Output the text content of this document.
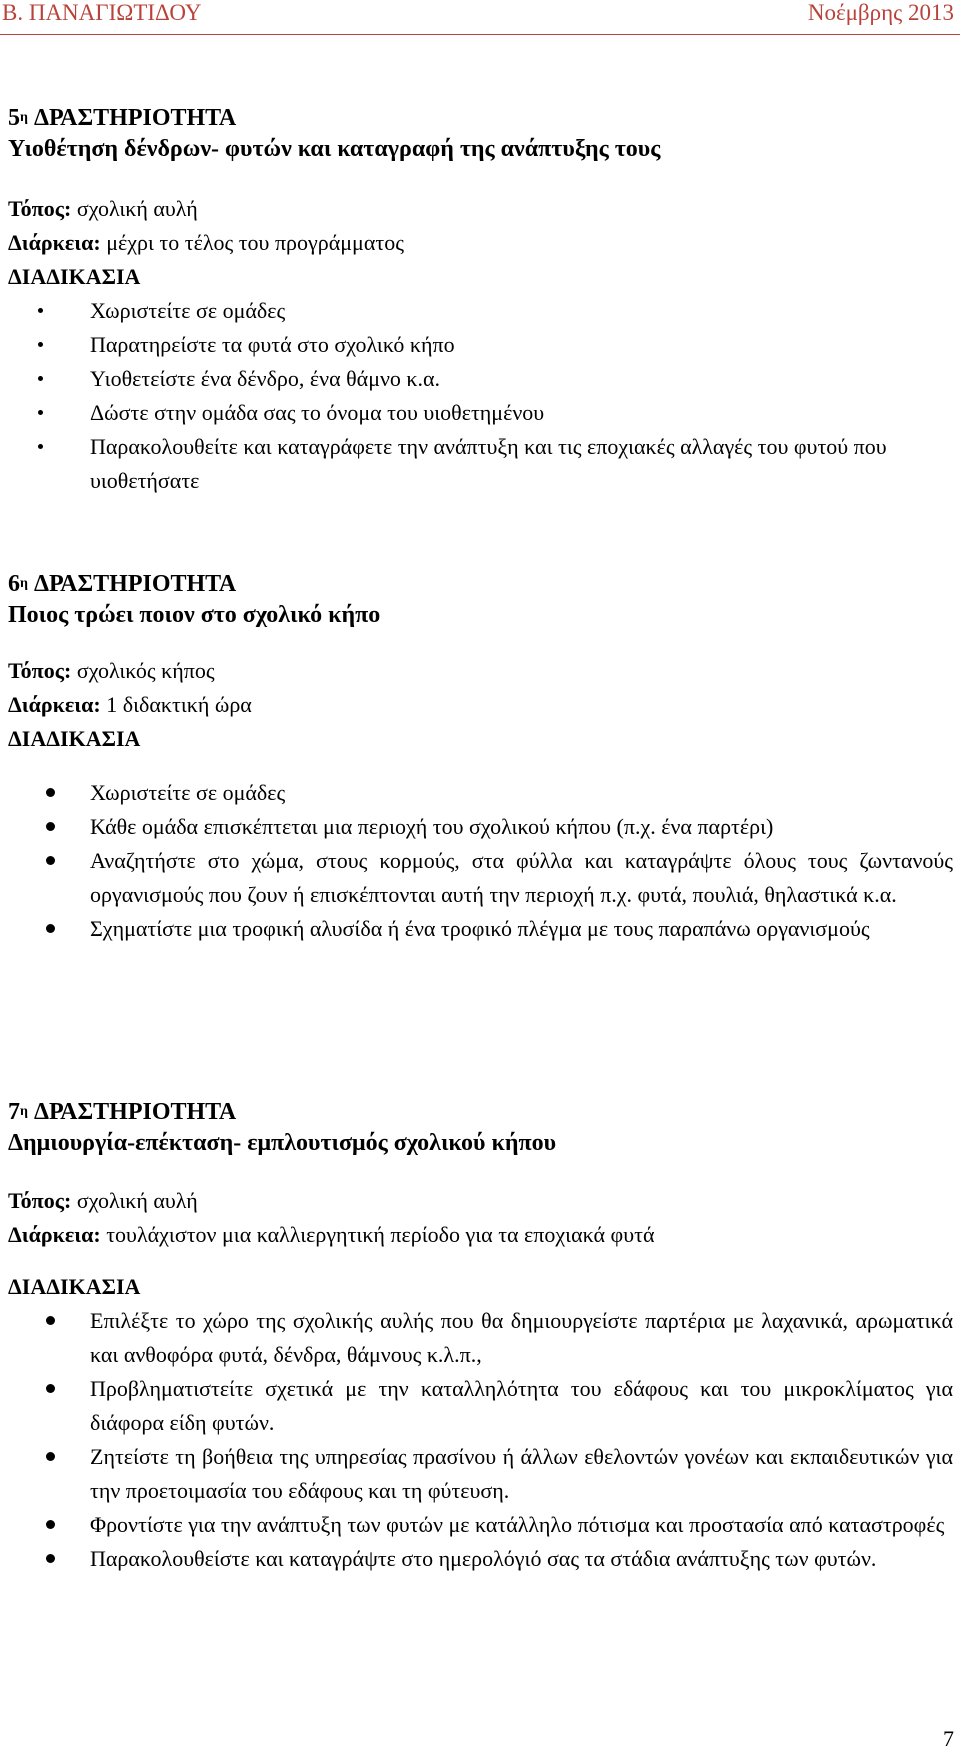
Β. ΠΑΝΑΓΙΩΤΙΔΟΥ	Νοέμβρης 2013
$5^\eta$ ΔΡΑΣΤΗΡΙΟΤΗΤΑ
Υιοθέτηση δένδρων- φυτών και καταγραφή της ανάπτυξης τους
Τόπος: σχολική αυλή
Διάρκεια: μέχρι το τέλος του προγράμματος
ΔΙΑΔΙΚΑΣΙΑ
Χωριστείτε σε ομάδες
Παρατηρείστε τα φυτά στο σχολικό κήπο
Υιοθετείστε ένα δένδρο, ένα θάμνο κ.α.
Δώστε στην ομάδα σας το όνομα του υιοθετημένου
Παρακολουθείτε και καταγράφετε την ανάπτυξη και τις εποχιακές αλλαγές του φυτού που υιοθετήσατε
$6^\eta$ ΔΡΑΣΤΗΡΙΟΤΗΤΑ
Ποιος τρώει ποιον στο σχολικό κήπο
Τόπος: σχολικός κήπος
Διάρκεια: 1 διδακτική ώρα
ΔΙΑΔΙΚΑΣΙΑ
Χωριστείτε σε ομάδες
Κάθε ομάδα επισκέπτεται μια περιοχή του σχολικού κήπου (π.χ. ένα παρτέρι)
Αναζητήστε στο χώμα, στους κορμούς, στα φύλλα και καταγράψτε όλους τους ζωντανούς οργανισμούς που ζουν ή επισκέπτονται αυτή την περιοχή π.χ. φυτά, πουλιά, θηλαστικά κ.α.
Σχηματίστε μια τροφική αλυσίδα ή ένα τροφικό πλέγμα με τους παραπάνω οργανισμούς
$7^\eta$ ΔΡΑΣΤΗΡΙΟΤΗΤΑ
Δημιουργία-επέκταση- εμπλουτισμός σχολικού κήπου
Τόπος: σχολική αυλή
Διάρκεια: τουλάχιστον μια καλλιεργητική περίοδο για τα εποχιακά φυτά
ΔΙΑΔΙΚΑΣΙΑ
Επιλέξτε το χώρο της σχολικής αυλής που θα δημιουργείστε παρτέρια με λαχανικά, αρωματικά και ανθοφόρα φυτά, δένδρα, θάμνους κ.λ.π.,
Προβληματιστείτε σχετικά με την καταλληλότητα του εδάφους και του μικροκλίματος για διάφορα είδη φυτών.
Ζητείστε τη βοήθεια της υπηρεσίας πρασίνου ή άλλων εθελοντών γονέων και εκπαιδευτικών για την προετοιμασία του εδάφους και τη φύτευση.
Φροντίστε για την ανάπτυξη των φυτών με κατάλληλο πότισμα και προστασία από καταστροφές
Παρακολουθείστε και καταγράψτε στο ημερολόγιό σας τα στάδια ανάπτυξης των φυτών.
7
